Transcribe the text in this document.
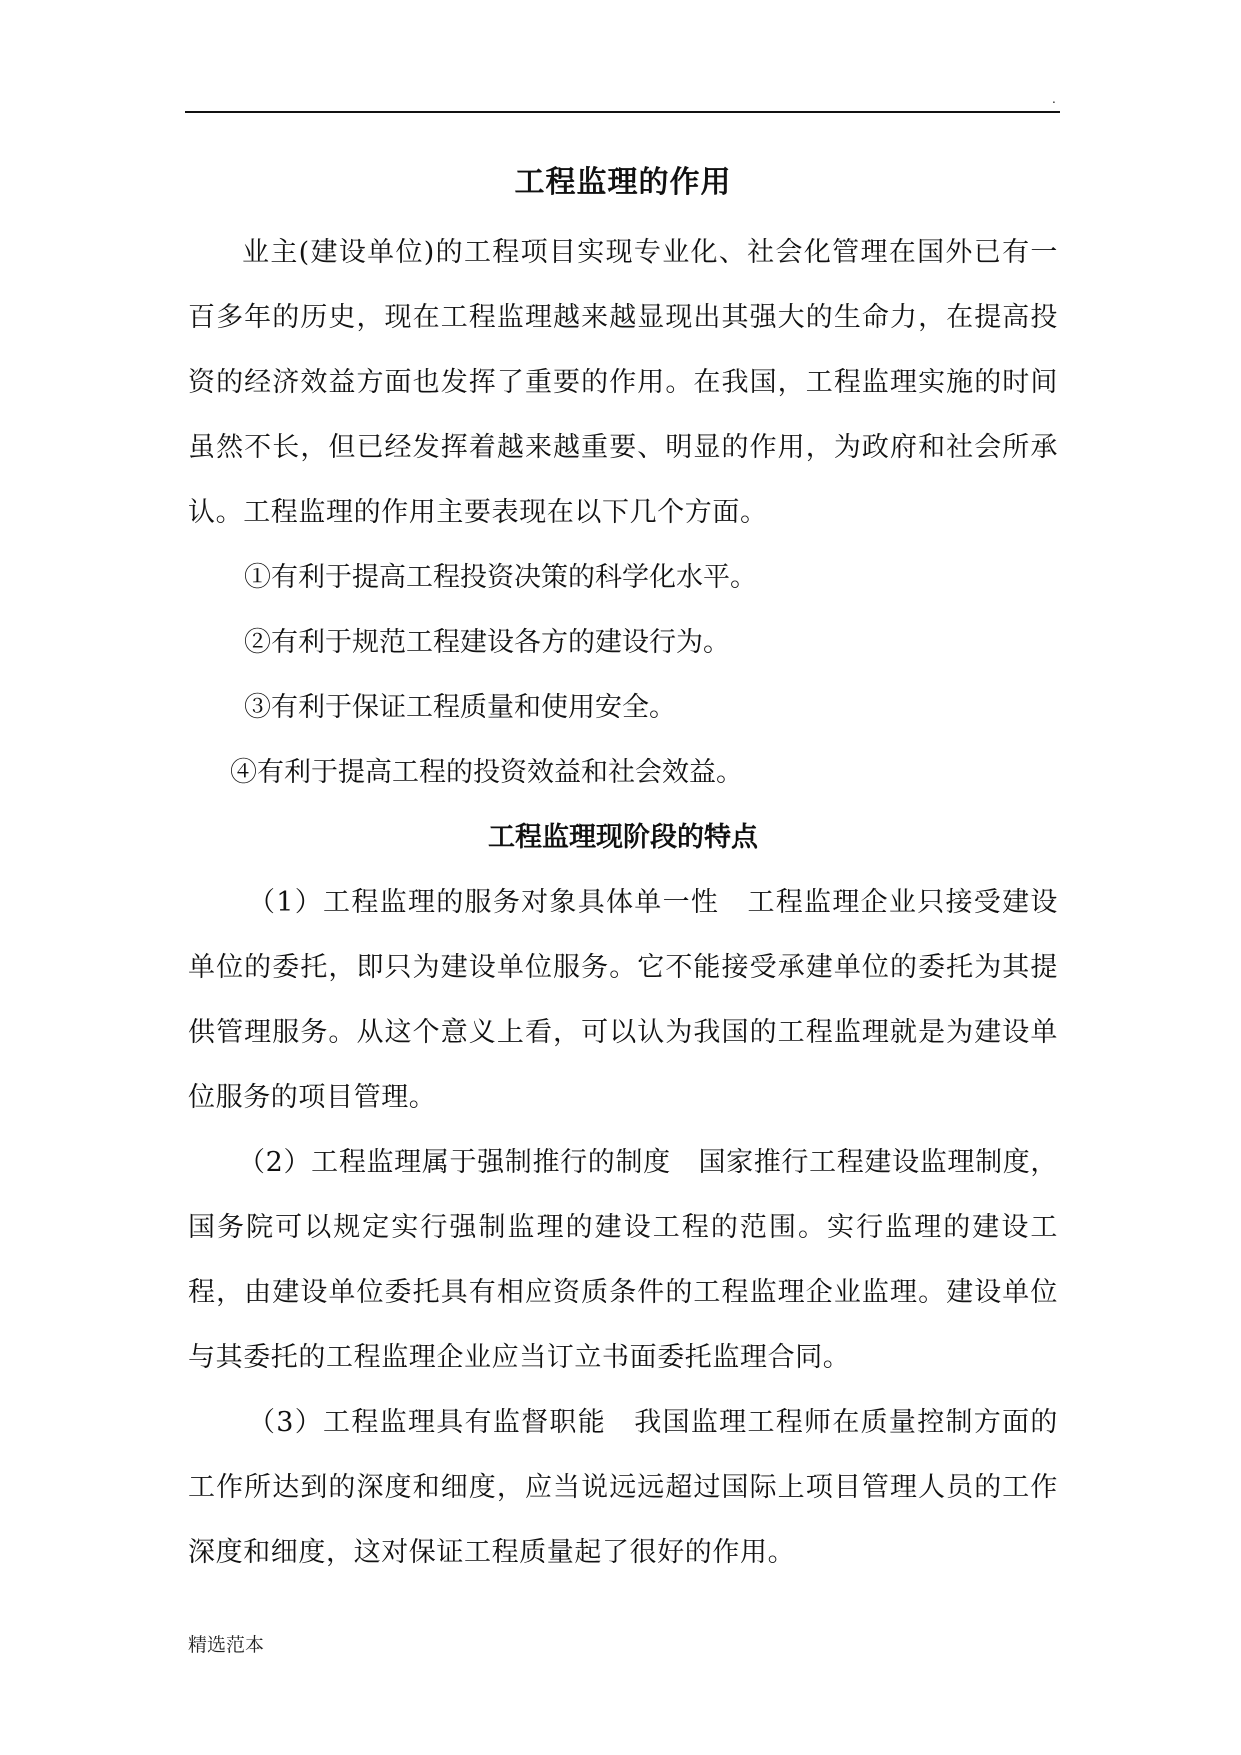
.
工程监理的作用

业主(建设单位)的工程项目实现专业化、社会化管理在国外已有一百多年的历史，现在工程监理越来越显现出其强大的生命力，在提高投资的经济效益方面也发挥了重要的作用。在我国，工程监理实施的时间虽然不长，但已经发挥着越来越重要、明显的作用，为政府和社会所承认。工程监理的作用主要表现在以下几个方面。

①有利于提高工程投资决策的科学化水平。

②有利于规范工程建设各方的建设行为。

③有利于保证工程质量和使用安全。

④有利于提高工程的投资效益和社会效益。

工程监理现阶段的特点

（1）工程监理的服务对象具体单一性　工程监理企业只接受建设单位的委托，即只为建设单位服务。它不能接受承建单位的委托为其提供管理服务。从这个意义上看，可以认为我国的工程监理就是为建设单位服务的项目管理。

（2）工程监理属于强制推行的制度　国家推行工程建设监理制度，国务院可以规定实行强制监理的建设工程的范围。实行监理的建设工程，由建设单位委托具有相应资质条件的工程监理企业监理。建设单位与其委托的工程监理企业应当订立书面委托监理合同。

（3）工程监理具有监督职能　我国监理工程师在质量控制方面的工作所达到的深度和细度，应当说远远超过国际上项目管理人员的工作深度和细度，这对保证工程质量起了很好的作用。

精选范本
